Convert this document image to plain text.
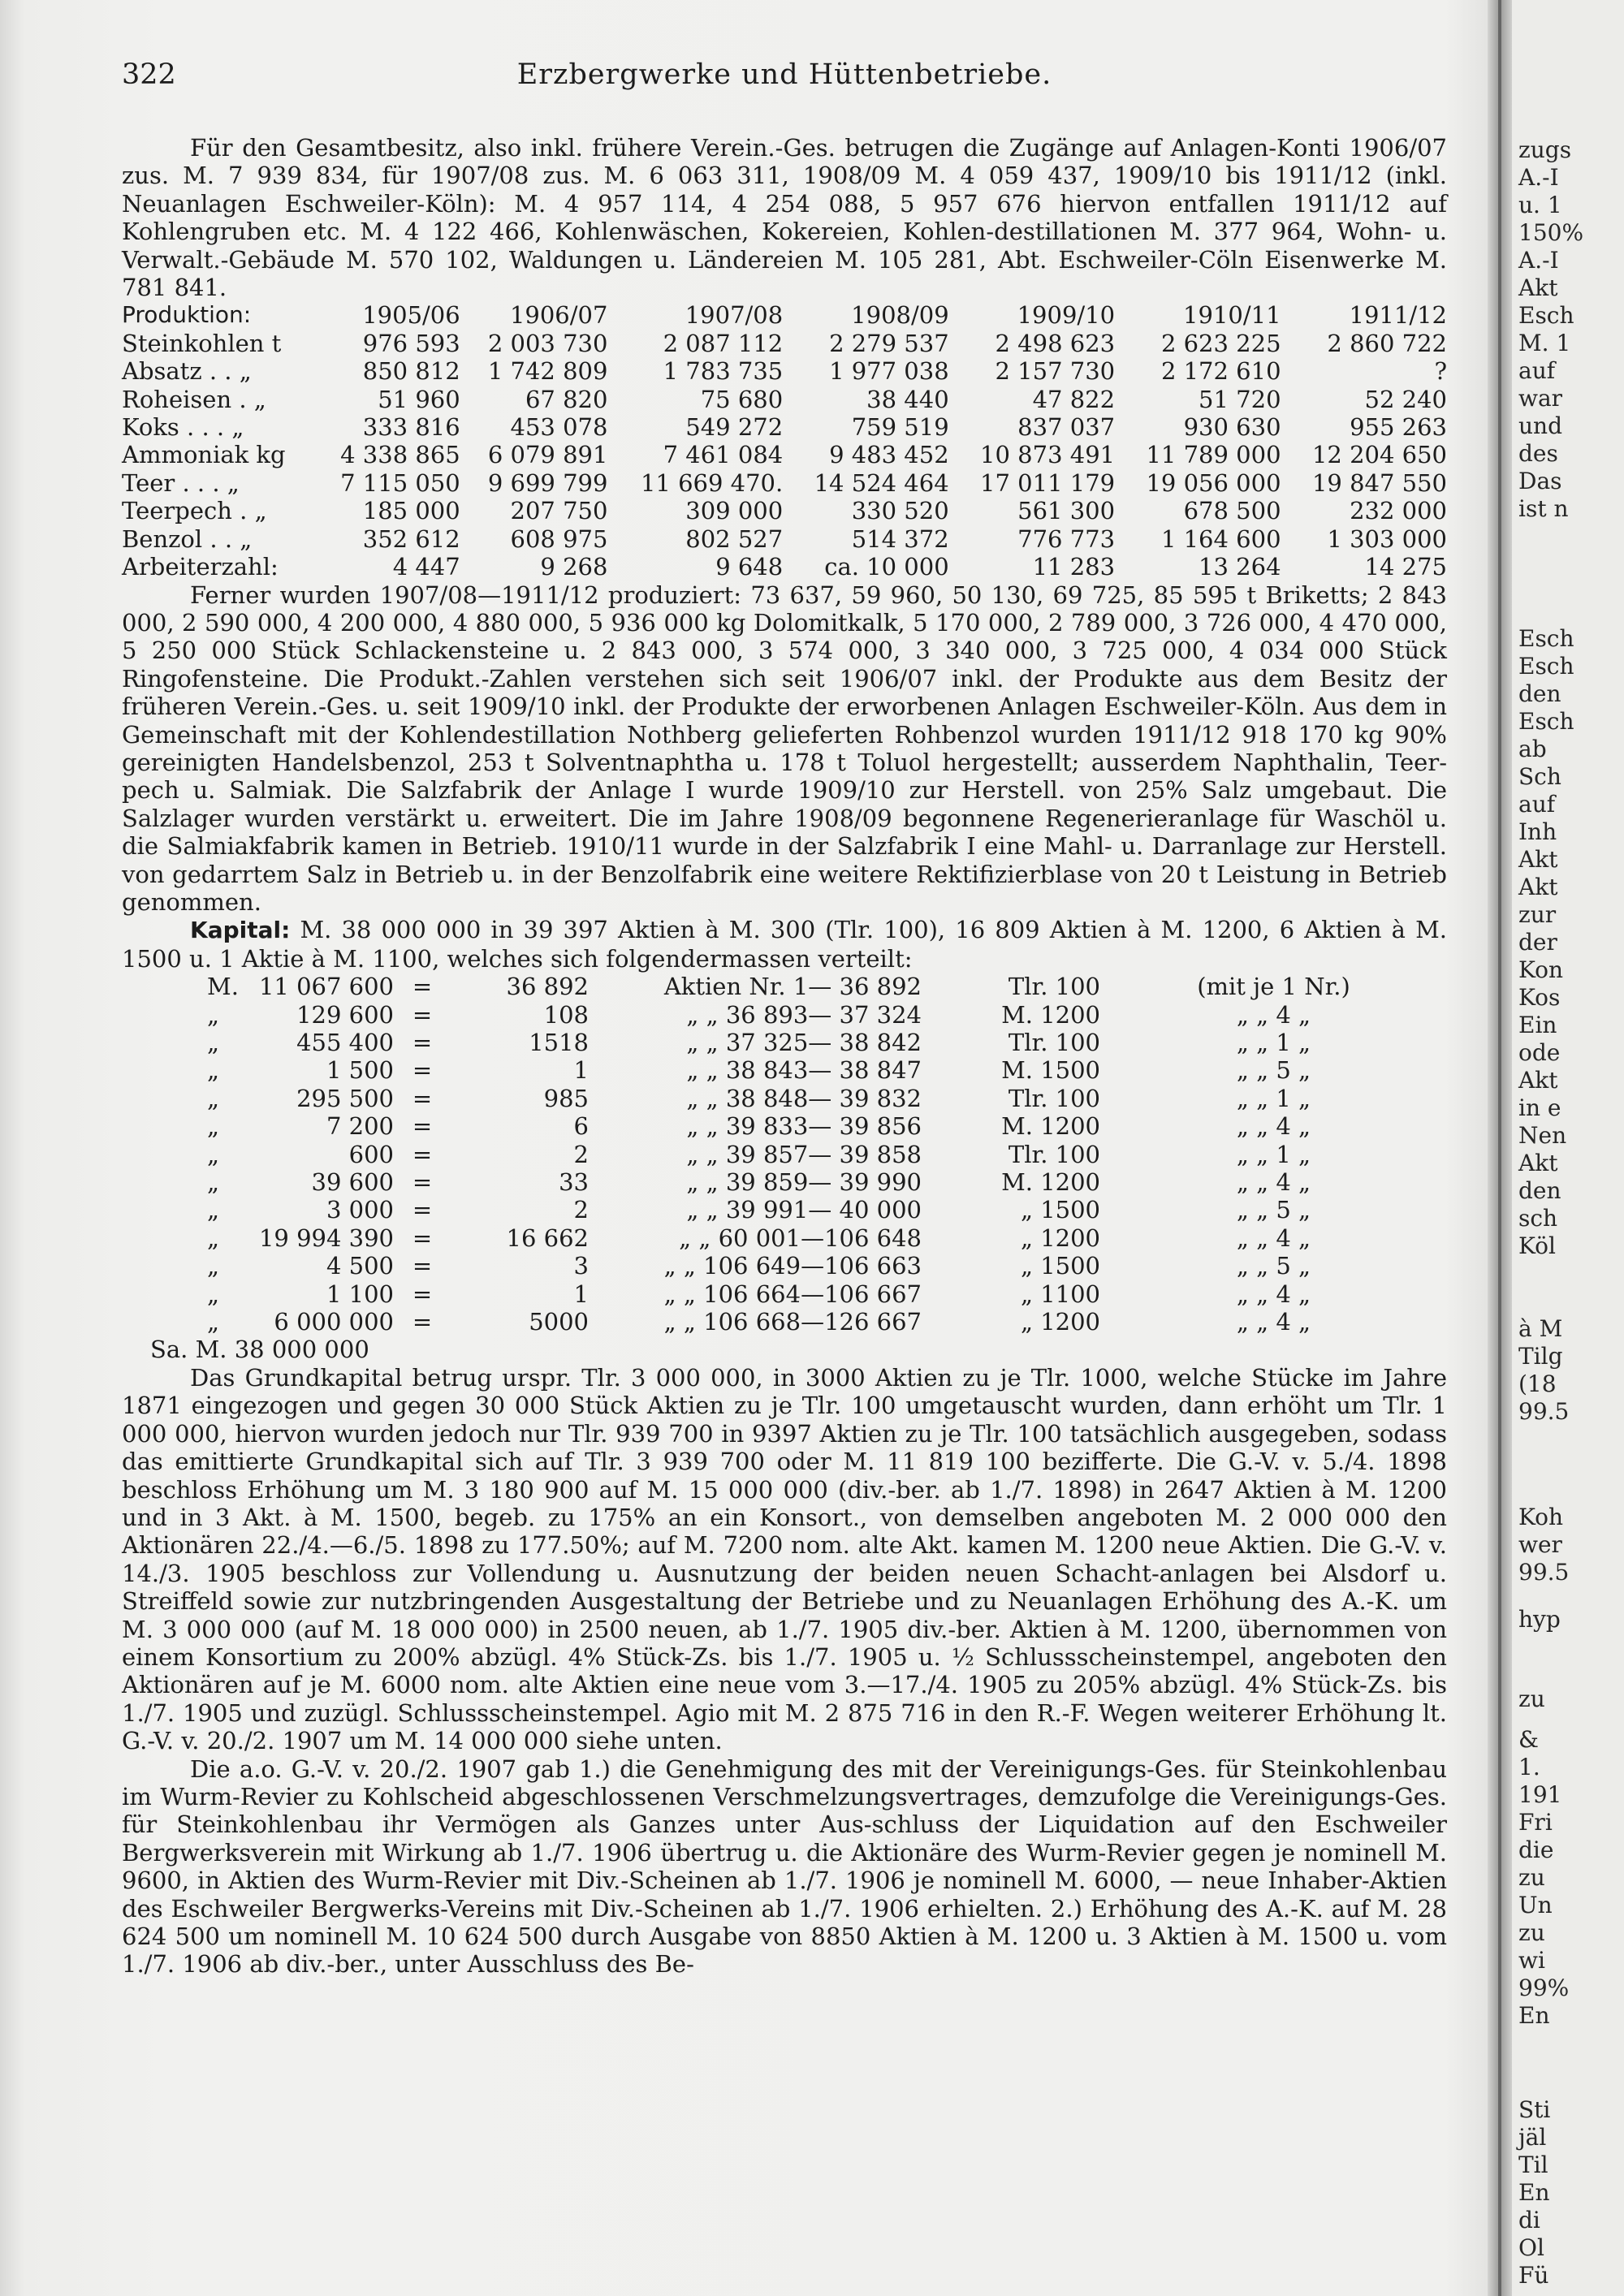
322	Erzbergwerke und Hüttenbetriebe.

Für den Gesamtbesitz, also inkl. frühere Verein.-Ges. betrugen die Zugänge auf Anlagen-Konti 1906/07 zus. M. 7 939 834, für 1907/08 zus. M. 6 063 311, 1908/09 M. 4 059 437, 1909/10 bis 1911/12 (inkl. Neuanlagen Eschweiler-Köln): M. 4 957 114, 4 254 088, 5 957 676 hiervon entfallen 1911/12 auf Kohlengruben etc. M. 4 122 466, Kohlenwäschen, Kokereien, Kohlen-destillationen M. 377 964, Wohn- u. Verwalt.-Gebäude M. 570 102, Waldungen u. Ländereien M. 105 281, Abt. Eschweiler-Cöln Eisenwerke M. 781 841.

Produktion:	1905/06	1906/07	1907/08	1908/09	1909/10	1910/11	1911/12
Steinkohlen t	976 593	2 003 730	2 087 112	2 279 537	2 498 623	2 623 225	2 860 722
Absatz . . „	850 812	1 742 809	1 783 735	1 977 038	2 157 730	2 172 610	?
Roheisen . „	51 960	67 820	75 680	38 440	47 822	51 720	52 240
Koks . . . „	333 816	453 078	549 272	759 519	837 037	930 630	955 263
Ammoniak kg	4 338 865	6 079 891	7 461 084	9 483 452	10 873 491	11 789 000	12 204 650
Teer . . . „	7 115 050	9 699 799	11 669 470.	14 524 464	17 011 179	19 056 000	19 847 550
Teerpech . „	185 000	207 750	309 000	330 520	561 300	678 500	232 000
Benzol . . „	352 612	608 975	802 527	514 372	776 773	1 164 600	1 303 000
Arbeiterzahl:	4 447	9 268	9 648	ca. 10 000	11 283	13 264	14 275

Ferner wurden 1907/08—1911/12 produziert: 73 637, 59 960, 50 130, 69 725, 85 595 t Briketts; 2 843 000, 2 590 000, 4 200 000, 4 880 000, 5 936 000 kg Dolomitkalk, 5 170 000, 2 789 000, 3 726 000, 4 470 000, 5 250 000 Stück Schlackensteine u. 2 843 000, 3 574 000, 3 340 000, 3 725 000, 4 034 000 Stück Ringofensteine. Die Produkt.-Zahlen verstehen sich seit 1906/07 inkl. der Produkte aus dem Besitz der früheren Verein.-Ges. u. seit 1909/10 inkl. der Produkte der erworbenen Anlagen Eschweiler-Köln. Aus dem in Gemeinschaft mit der Kohlendestillation Nothberg gelieferten Rohbenzol wurden 1911/12 918 170 kg 90% gereinigten Handelsbenzol, 253 t Solventnaphtha u. 178 t Toluol hergestellt; ausserdem Naphthalin, Teer-pech u. Salmiak. Die Salzfabrik der Anlage I wurde 1909/10 zur Herstell. von 25% Salz umgebaut. Die Salzlager wurden verstärkt u. erweitert. Die im Jahre 1908/09 begonnene Regenerieranlage für Waschöl u. die Salmiakfabrik kamen in Betrieb. 1910/11 wurde in der Salzfabrik I eine Mahl- u. Darranlage zur Herstell. von gedarrtem Salz in Betrieb u. in der Benzolfabrik eine weitere Rektifizierblase von 20 t Leistung in Betrieb genommen.

Kapital: M. 38 000 000 in 39 397 Aktien à M. 300 (Tlr. 100), 16 809 Aktien à M. 1200, 6 Aktien à M. 1500 u. 1 Aktie à M. 1100, welches sich folgendermassen verteilt:

M.	11 067 600	=	36 892	Aktien Nr. 1— 36 892	Tlr. 100	(mit je 1 Nr.)
„	129 600	=	108	„ „ 36 893— 37 324	M. 1200	„ „ 4 „
„	455 400	=	1518	„ „ 37 325— 38 842	Tlr. 100	„ „ 1 „
„	1 500	=	1	„ „ 38 843— 38 847	M. 1500	„ „ 5 „
„	295 500	=	985	„ „ 38 848— 39 832	Tlr. 100	„ „ 1 „
„	7 200	=	6	„ „ 39 833— 39 856	M. 1200	„ „ 4 „
„	600	=	2	„ „ 39 857— 39 858	Tlr. 100	„ „ 1 „
„	39 600	=	33	„ „ 39 859— 39 990	M. 1200	„ „ 4 „
„	3 000	=	2	„ „ 39 991— 40 000	„ 1500	„ „ 5 „
„	19 994 390	=	16 662	„ „ 60 001—106 648	„ 1200	„ „ 4 „
„	4 500	=	3	„ „ 106 649—106 663	„ 1500	„ „ 5 „
„	1 100	=	1	„ „ 106 664—106 667	„ 1100	„ „ 4 „
„	6 000 000	=	5000	„ „ 106 668—126 667	„ 1200	„ „ 4 „
Sa. M. 38 000 000

Das Grundkapital betrug urspr. Tlr. 3 000 000, in 3000 Aktien zu je Tlr. 1000, welche Stücke im Jahre 1871 eingezogen und gegen 30 000 Stück Aktien zu je Tlr. 100 umgetauscht wurden, dann erhöht um Tlr. 1 000 000, hiervon wurden jedoch nur Tlr. 939 700 in 9397 Aktien zu je Tlr. 100 tatsächlich ausgegeben, sodass das emittierte Grundkapital sich auf Tlr. 3 939 700 oder M. 11 819 100 bezifferte. Die G.-V. v. 5./4. 1898 beschloss Erhöhung um M. 3 180 900 auf M. 15 000 000 (div.-ber. ab 1./7. 1898) in 2647 Aktien à M. 1200 und in 3 Akt. à M. 1500, begeb. zu 175% an ein Konsort., von demselben angeboten M. 2 000 000 den Aktionären 22./4.—6./5. 1898 zu 177.50%; auf M. 7200 nom. alte Akt. kamen M. 1200 neue Aktien. Die G.-V. v. 14./3. 1905 beschloss zur Vollendung u. Ausnutzung der beiden neuen Schacht-anlagen bei Alsdorf u. Streiffeld sowie zur nutzbringenden Ausgestaltung der Betriebe und zu Neuanlagen Erhöhung des A.-K. um M. 3 000 000 (auf M. 18 000 000) in 2500 neuen, ab 1./7. 1905 div.-ber. Aktien à M. 1200, übernommen von einem Konsortium zu 200% abzügl. 4% Stück-Zs. bis 1./7. 1905 u. ½ Schlussscheinstempel, angeboten den Aktionären auf je M. 6000 nom. alte Aktien eine neue vom 3.—17./4. 1905 zu 205% abzügl. 4% Stück-Zs. bis 1./7. 1905 und zuzügl. Schlussscheinstempel. Agio mit M. 2 875 716 in den R.-F. Wegen weiterer Erhöhung lt. G.-V. v. 20./2. 1907 um M. 14 000 000 siehe unten.

Die a.o. G.-V. v. 20./2. 1907 gab 1.) die Genehmigung des mit der Vereinigungs-Ges. für Steinkohlenbau im Wurm-Revier zu Kohlscheid abgeschlossenen Verschmelzungsvertrages, demzufolge die Vereinigungs-Ges. für Steinkohlenbau ihr Vermögen als Ganzes unter Aus-schluss der Liquidation auf den Eschweiler Bergwerksverein mit Wirkung ab 1./7. 1906 übertrug u. die Aktionäre des Wurm-Revier gegen je nominell M. 9600, in Aktien des Wurm-Revier mit Div.-Scheinen ab 1./7. 1906 je nominell M. 6000, — neue Inhaber-Aktien des Eschweiler Bergwerks-Vereins mit Div.-Scheinen ab 1./7. 1906 erhielten. 2.) Erhöhung des A.-K. auf M. 28 624 500 um nominell M. 10 624 500 durch Ausgabe von 8850 Aktien à M. 1200 u. 3 Aktien à M. 1500 u. vom 1./7. 1906 ab div.-ber., unter Ausschluss des Be-

zugs
A.-I
u. 1
150%
A.-I
Akt
Esch
M. 1
auf
war
und
des
Das
ist n
Esch
Esch
den
Esch
ab
Sch
auf
Inh
Akt
Akt
zur
der
Kon
Kos
Ein
ode
Akt
in e
Nen
Akt
den
sch
Köl
à M
Tilg
(18
99.5
Koh
wer
99.5
hyp
zu
&
1.
191
Fri
die
zu
Un
zu
wi
99%
En
Sti
jäl
Til
En
di
Ol
Fü
